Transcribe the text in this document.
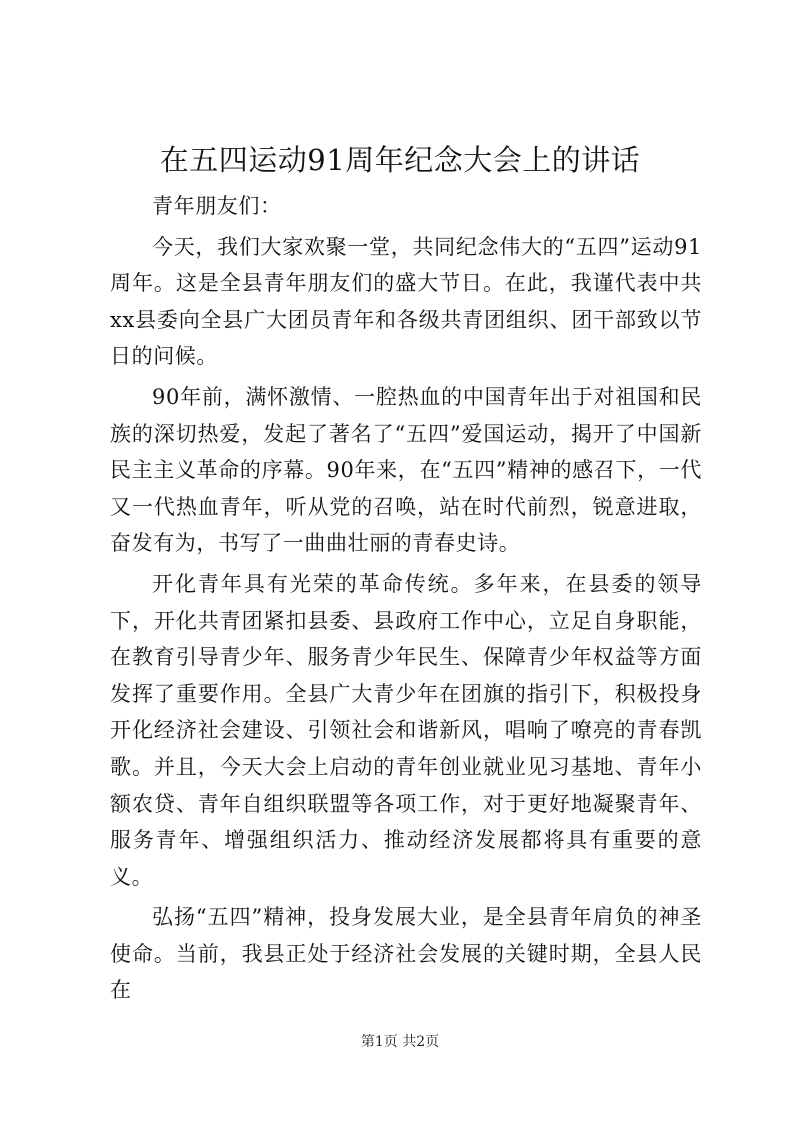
在五四运动91周年纪念大会上的讲话

青年朋友们：

今天，我们大家欢聚一堂，共同纪念伟大的“五四”运动91周年。这是全县青年朋友们的盛大节日。在此，我谨代表中共xx县委向全县广大团员青年和各级共青团组织、团干部致以节日的问候。

90年前，满怀激情、一腔热血的中国青年出于对祖国和民族的深切热爱，发起了著名了“五四”爱国运动，揭开了中国新民主主义革命的序幕。90年来，在“五四”精神的感召下，一代又一代热血青年，听从党的召唤，站在时代前烈，锐意进取，奋发有为，书写了一曲曲壮丽的青春史诗。

开化青年具有光荣的革命传统。多年来，在县委的领导下，开化共青团紧扣县委、县政府工作中心，立足自身职能，在教育引导青少年、服务青少年民生、保障青少年权益等方面发挥了重要作用。全县广大青少年在团旗的指引下，积极投身开化经济社会建设、引领社会和谐新风，唱响了嘹亮的青春凯歌。并且，今天大会上启动的青年创业就业见习基地、青年小额农贷、青年自组织联盟等各项工作，对于更好地凝聚青年、服务青年、增强组织活力、推动经济发展都将具有重要的意义。

弘扬“五四”精神，投身发展大业，是全县青年肩负的神圣使命。当前，我县正处于经济社会发展的关键时期，全县人民在

第1页 共2页
